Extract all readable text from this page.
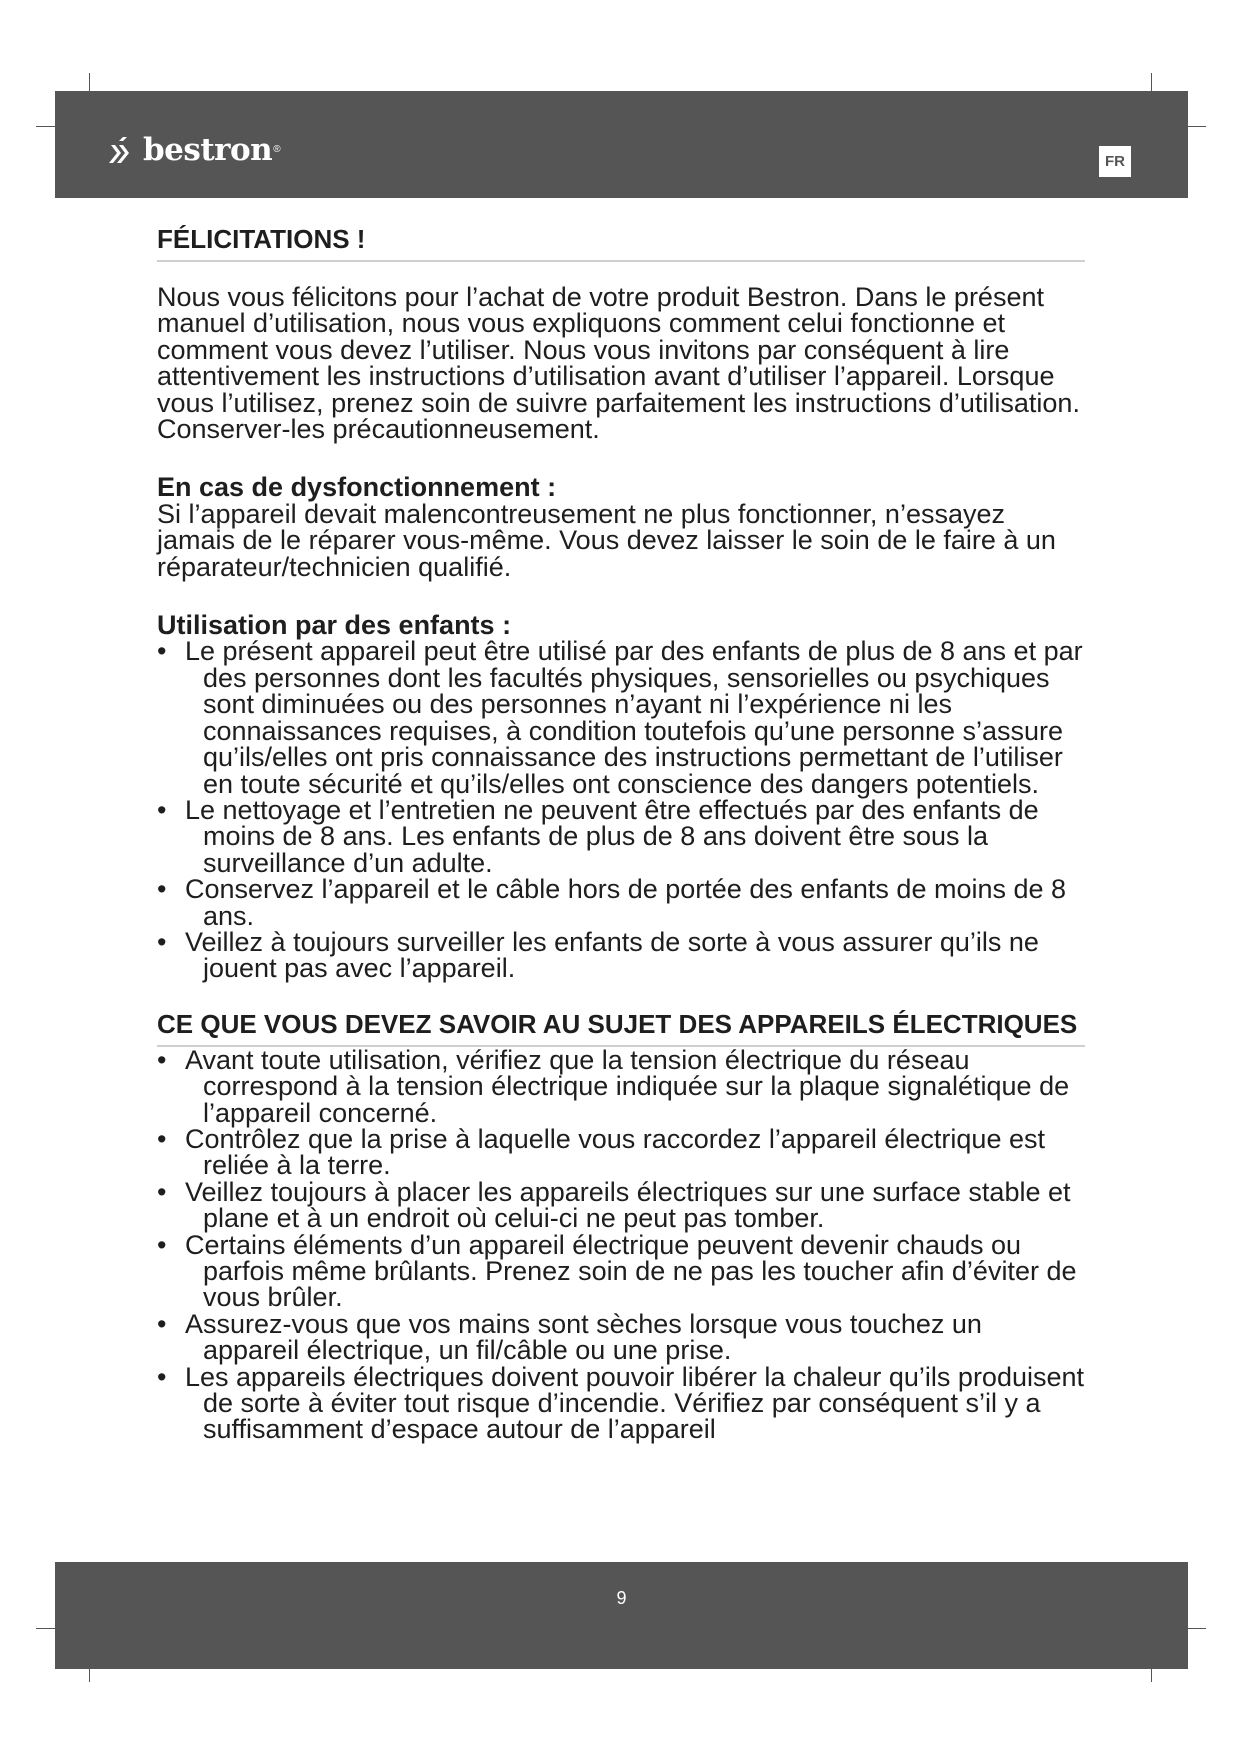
bestron ®
FR
FÉLICITATIONS !

Nous vous félicitons pour l’achat de votre produit Bestron. Dans le présent manuel d’utilisation, nous vous expliquons comment celui fonctionne et comment vous devez l’utiliser. Nous vous invitons par conséquent à lire attentivement les instructions d’utilisation avant d’utiliser l’appareil. Lorsque vous l’utilisez, prenez soin de suivre parfaitement les instructions d’utilisation. Conserver-les précautionneusement.

En cas de dysfonctionnement :

Si l’appareil devait malencontreusement ne plus fonctionner, n’essayez jamais de le réparer vous-même. Vous devez laisser le soin de le faire à un réparateur/technicien qualifié.

Utilisation par des enfants :

• Le présent appareil peut être utilisé par des enfants de plus de 8 ans et par des personnes dont les facultés physiques, sensorielles ou psychiques sont diminuées ou des personnes n’ayant ni l’expérience ni les connaissances requises, à condition toutefois qu’une personne s’assure qu’ils/elles ont pris connaissance des instructions permettant de l’utiliser en toute sécurité et qu’ils/elles ont conscience des dangers potentiels.
• Le nettoyage et l’entretien ne peuvent être effectués par des enfants de moins de 8 ans. Les enfants de plus de 8 ans doivent être sous la surveillance d’un adulte.
• Conservez l’appareil et le câble hors de portée des enfants de moins de 8 ans.
• Veillez à toujours surveiller les enfants de sorte à vous assurer qu’ils ne jouent pas avec l’appareil.
CE QUE VOUS DEVEZ SAVOIR AU SUJET DES APPAREILS ÉLECTRIQUES
• Avant toute utilisation, vérifiez que la tension électrique du réseau correspond à la tension électrique indiquée sur la plaque signalétique de l’appareil concerné.
• Contrôlez que la prise à laquelle vous raccordez l’appareil électrique est reliée à la terre.
• Veillez toujours à placer les appareils électriques sur une surface stable et plane et à un endroit où celui-ci ne peut pas tomber.
• Certains éléments d’un appareil électrique peuvent devenir chauds ou parfois même brûlants. Prenez soin de ne pas les toucher afin d’éviter de vous brûler.
• Assurez-vous que vos mains sont sèches lorsque vous touchez un appareil électrique, un fil/câble ou une prise.
• Les appareils électriques doivent pouvoir libérer la chaleur qu’ils produisent de sorte à éviter tout risque d’incendie. Vérifiez par conséquent s’il y a suffisamment d’espace autour de l’appareil
9
